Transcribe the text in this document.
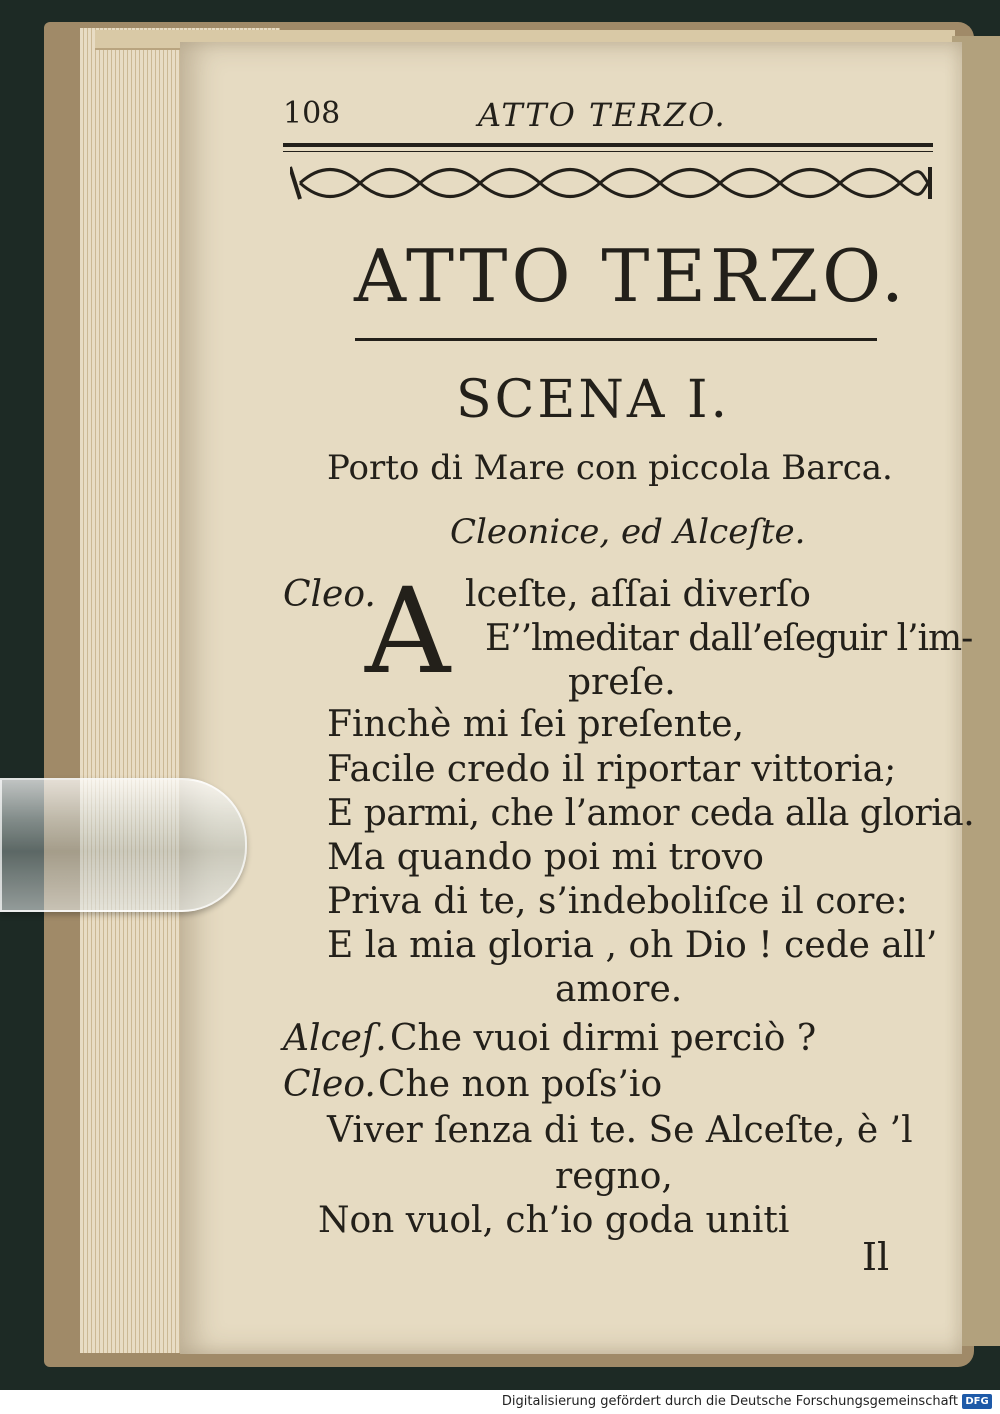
108	ATTO TERZO.
ATTO TERZO.
SCENA I.
Porto di Mare con piccola Barca.
Cleonice, ed Alceſte.
Cleo.
A lceſte, aſſai diverſo
E’’lmeditar dall’eſeguir l’im-
preſe.
Finchè mi ſei preſente,
Facile credo il riportar vittoria;
E parmi, che l’amor ceda alla gloria.
Ma quando poi mi trovo
Priva di te, s’indeboliſce il core:
E la mia gloria , oh Dio ! cede all’
amore.
Alceſ. Che vuoi dirmi perciò ?
Cleo. Che non poſs’io
Viver ſenza di te. Se Alceſte, è ’l
regno,
Non vuol, ch’io goda uniti
Il
Digitalisierung gefördert durch die Deutsche Forschungsgemeinschaft DFG
